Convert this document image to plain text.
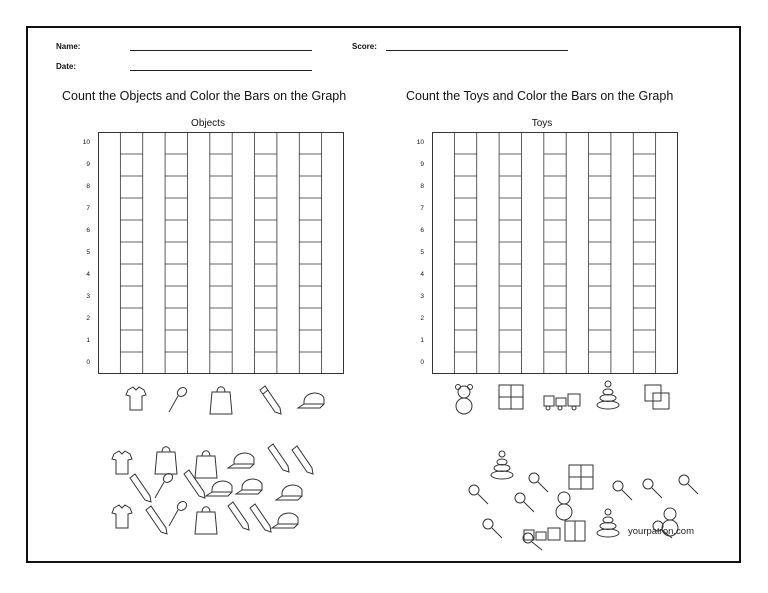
Name:
Date:
Score:
Count the Objects and Color the Bars on the Graph	Count the Toys and Color the Bars on the Graph
Objects	Toys
10
9
8
7
6
5
4
3
2
1
0
10
9
8
7
6
5
4
3
2
1
0
yourpatron.com
